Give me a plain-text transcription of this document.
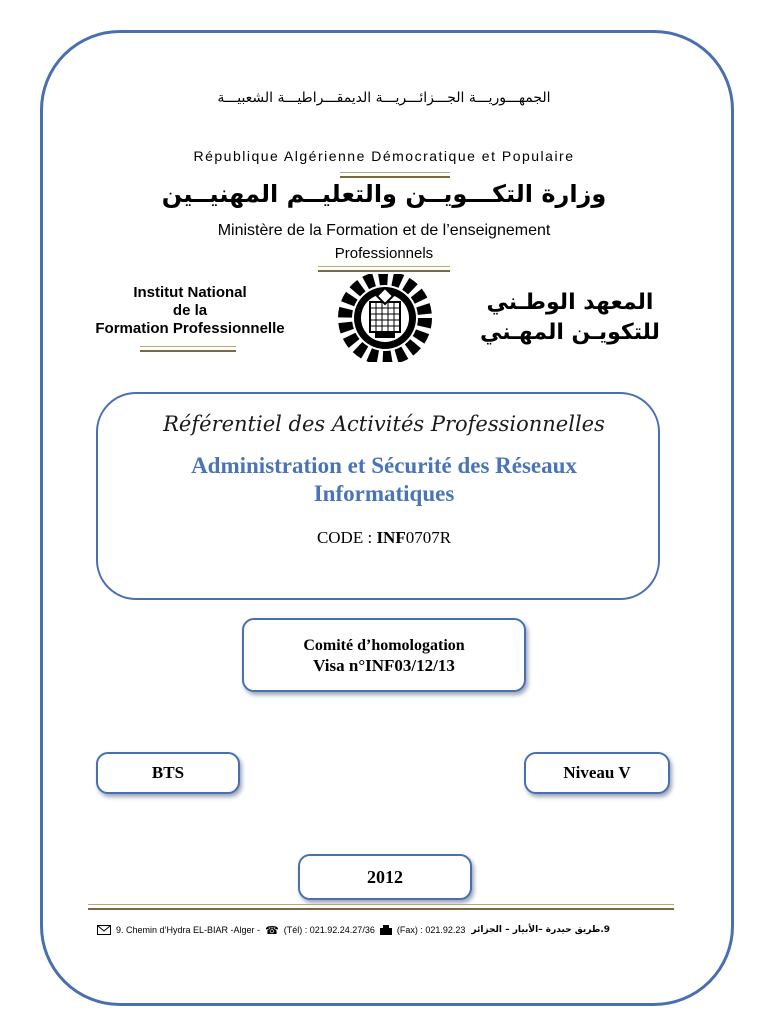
الجمهـــوريـــة الجـــزائـــريـــة الديمقـــراطيـــة الشعبيـــة
République Algérienne Démocratique et Populaire
وزارة التكـــويــن والتعليــم المهنيــين
Ministère de la Formation et de l’enseignement
Professionnels
Institut National
de la
Formation Professionnelle
المعهد الوطـني
للتكويـن المهـني
Référentiel des Activités Professionnelles
Administration et Sécurité des Réseaux Informatiques
CODE : INF0707R
Comité d’homologation
Visa n°INF03/12/13
BTS	Niveau V
2012
9. Chemin d’Hydra EL-BIAR -Alger - ☎ (Tél) : 021.92.24.27/36 (Fax) : 021.92.23 9.طريق حيدرة –الأبيار – الجزائر
